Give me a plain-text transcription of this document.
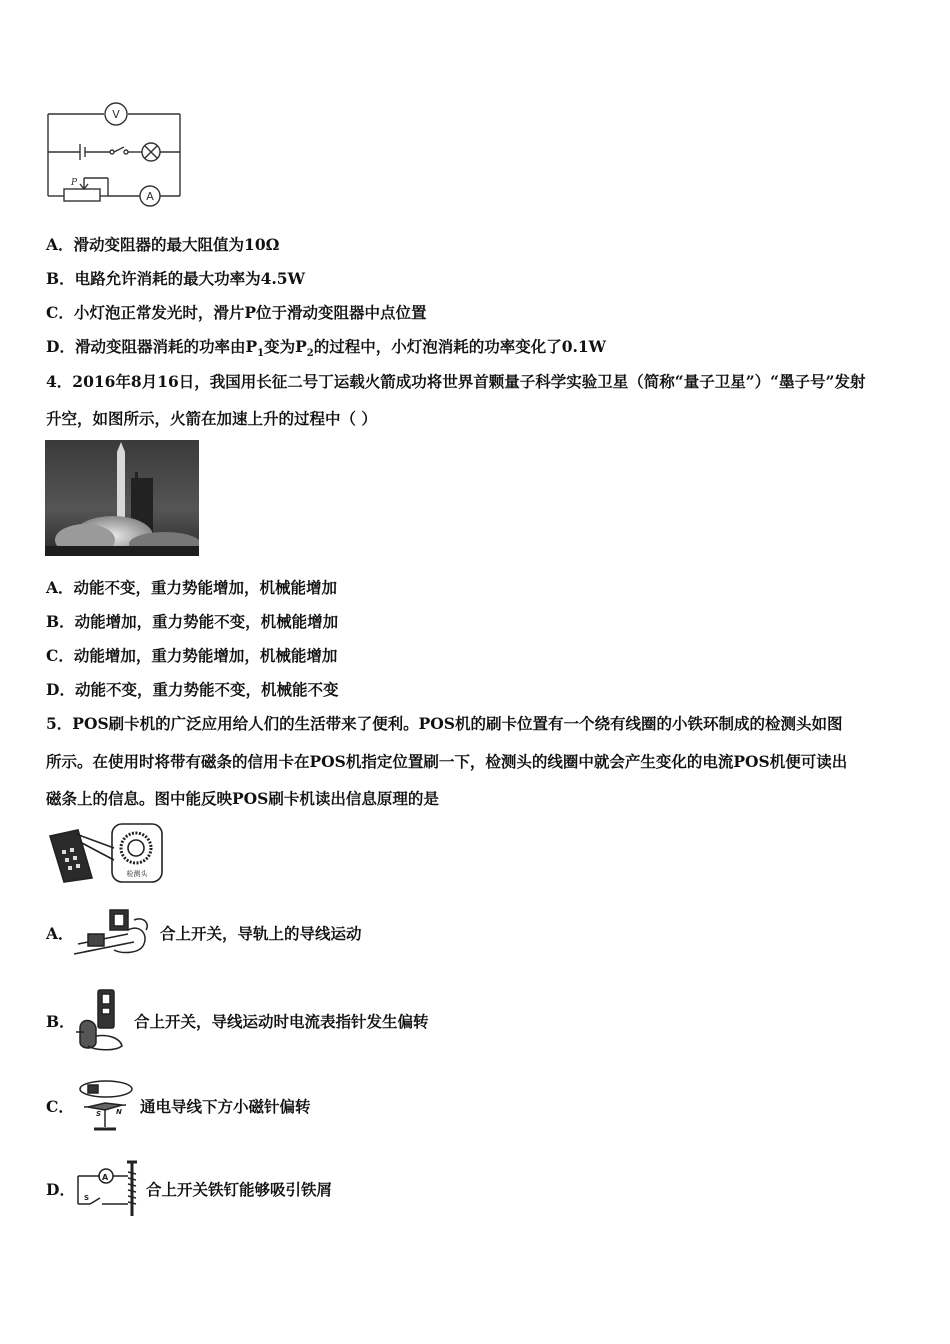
V
A
P
A．滑动变阻器的最大阻值为10Ω
B．电路允许消耗的最大功率为4.5W
C．小灯泡正常发光时，滑片P位于滑动变阻器中点位置
D．滑动变阻器消耗的功率由$P_1$变为$P_2$的过程中，小灯泡消耗的功率变化了0.1W
4．2016年8月16日，我国用长征二号丁运载火箭成功将世界首颗量子科学实验卫星（简称“量子卫星”）“墨子号”发射
升空，如图所示，火箭在加速上升的过程中（ ）
A．动能不变，重力势能增加，机械能增加
B．动能增加，重力势能不变，机械能增加
C．动能增加，重力势能增加，机械能增加
D．动能不变，重力势能不变，机械能不变
5．POS刷卡机的广泛应用给人们的生活带来了便利。POS机的刷卡位置有一个绕有线圈的小铁环制成的检测头如图
所示。在使用时将带有磁条的信用卡在POS机指定位置刷一下，检测头的线圈中就会产生变化的电流POS机便可读出
磁条上的信息。图中能反映POS刷卡机读出信息原理的是
检测头
A．	合上开关，导轨上的导线运动
B．	合上开关，导线运动时电流表指针发生偏转
C．	S N 通电导线下方小磁针偏转
D．
A
S	合上开关铁钉能够吸引铁屑
